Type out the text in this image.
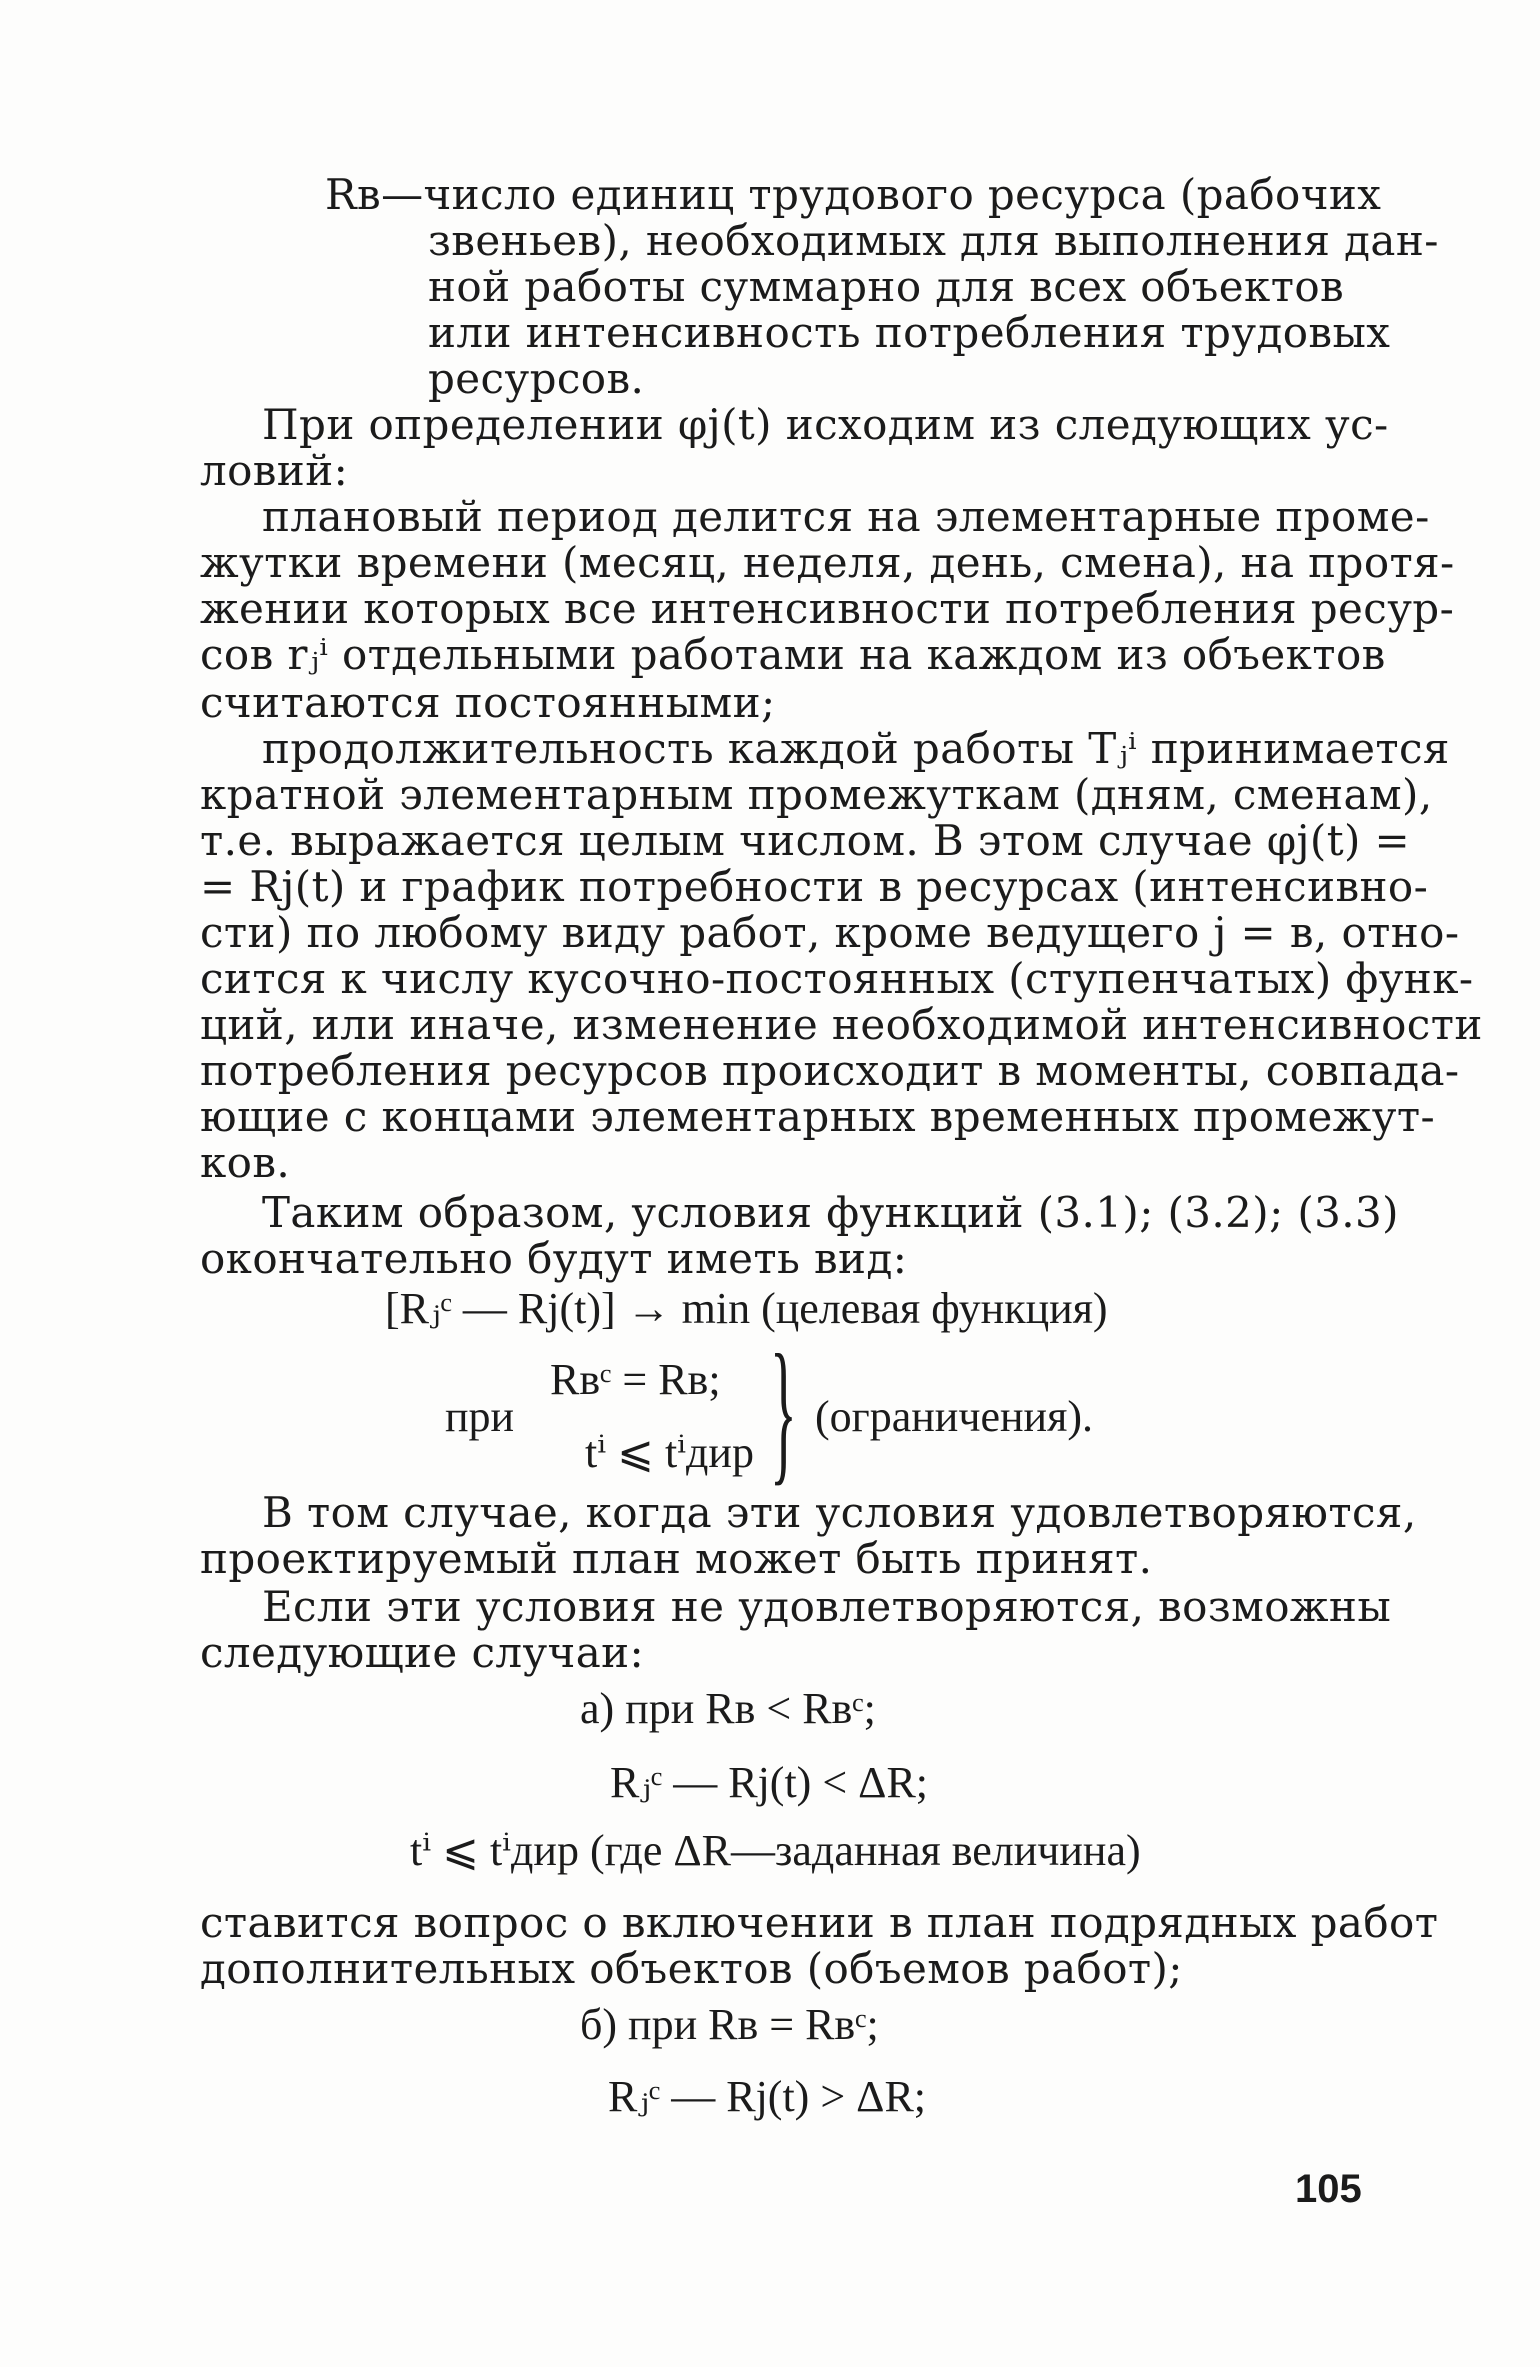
Rв—число единиц трудового ресурса (рабочих
звеньев), необходимых для выполнения дан-
ной работы суммарно для всех объектов
или интенсивность потребления трудовых
ресурсов.
При определении φj(t) исходим из следующих ус-
ловий:
плановый период делится на элементарные проме-
жутки времени (месяц, неделя, день, смена), на протя-
жении которых все интенсивности потребления ресур-
сов rⱼⁱ отдельными работами на каждом из объектов
считаются постоянными;
продолжительность каждой работы Tⱼⁱ принимается
кратной элементарным промежуткам (дням, сменам),
т.е. выражается целым числом. В этом случае φj(t) =
= Rj(t) и график потребности в ресурсах (интенсивно-
сти) по любому виду работ, кроме ведущего j = в, отно-
сится к числу кусочно-постоянных (ступенчатых) функ-
ций, или иначе, изменение необходимой интенсивности
потребления ресурсов происходит в моменты, совпада-
ющие с концами элементарных временных промежут-
ков.
Таким образом, условия функций (3.1); (3.2); (3.3)
окончательно будут иметь вид:
[Rⱼᶜ — Rj(t)] → min (целевая функция)
при
Rвᶜ = Rв;
tⁱ ⩽ tⁱдир } (ограничения).
В том случае, когда эти условия удовлетворяются,
проектируемый план может быть принят.
Если эти условия не удовлетворяются, возможны
следующие случаи:
а) при Rв < Rвᶜ;
Rⱼᶜ — Rj(t) < ΔR;
tⁱ ⩽ tⁱдир (где ΔR—заданная величина)
ставится вопрос о включении в план подрядных работ
дополнительных объектов (объемов работ);
б) при Rв = Rвᶜ;
Rⱼᶜ — Rj(t) > ΔR;
105
